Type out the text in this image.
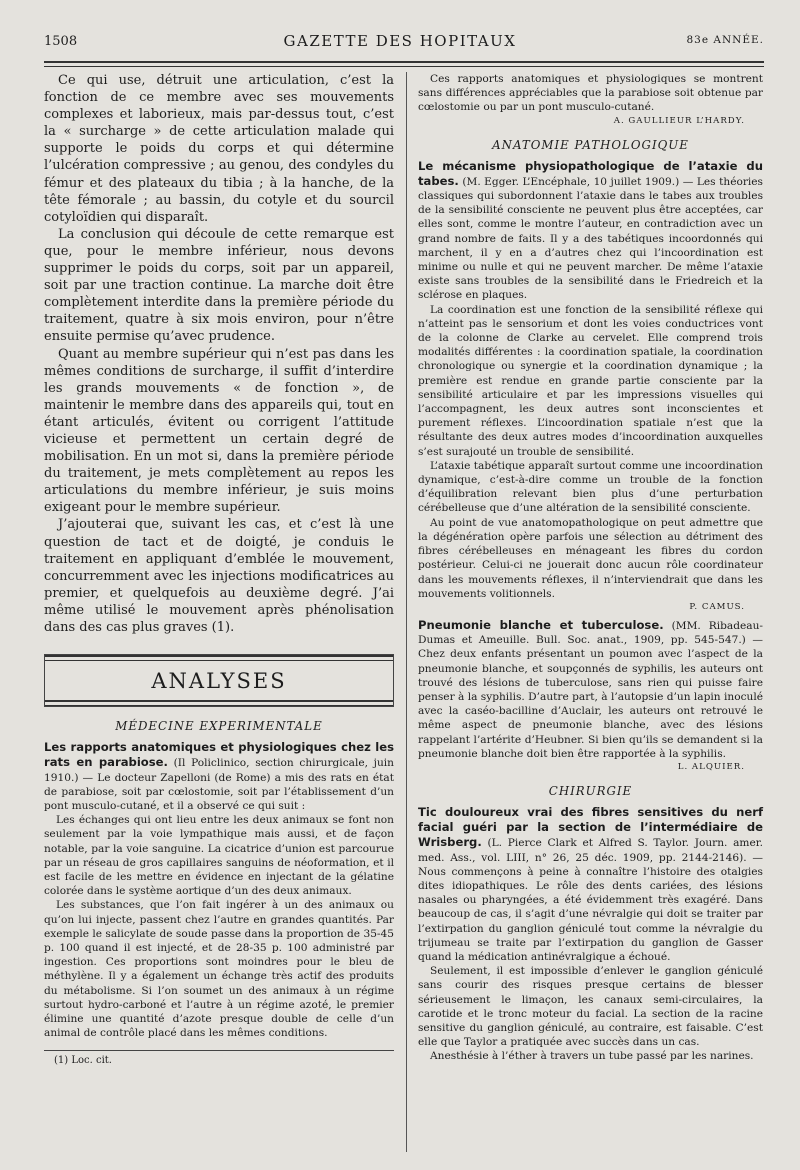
1508	GAZETTE DES HOPITAUX	83e ANNÉE.

Ce qui use, détruit une articulation, c’est la fonction de ce membre avec ses mouvements complexes et laborieux, mais par-dessus tout, c’est la « surcharge » de cette articulation malade qui supporte le poids du corps et qui détermine l’ulcération compressive ; au genou, des condyles du fémur et des plateaux du tibia ; à la hanche, de la tête fémorale ; au bassin, du cotyle et du sourcil cotyloïdien qui disparaît.

La conclusion qui découle de cette remarque est que, pour le membre inférieur, nous devons supprimer le poids du corps, soit par un appareil, soit par une traction continue. La marche doit être complètement interdite dans la première période du traitement, quatre à six mois environ, pour n’être ensuite permise qu’avec prudence.

Quant au membre supérieur qui n’est pas dans les mêmes conditions de surcharge, il suffit d’interdire les grands mouvements « de fonction », de maintenir le membre dans des appareils qui, tout en étant articulés, évitent ou corrigent l’attitude vicieuse et permettent un certain degré de mobilisation. En un mot si, dans la première période du traitement, je mets complètement au repos les articulations du membre inférieur, je suis moins exigeant pour le membre supérieur.

J’ajouterai que, suivant les cas, et c’est là une question de tact et de doigté, je conduis le traitement en appliquant d’emblée le mouvement, concurremment avec les injections modificatrices au premier, et quelquefois au deuxième degré. J’ai même utilisé le mouvement après phénolisation dans des cas plus graves (1).

ANALYSES
MÉDECINE EXPERIMENTALE

Les rapports anatomiques et physiologiques chez les rats en parabiose. (Il Policlinico, section chirurgicale, juin 1910.) — Le docteur Zapelloni (de Rome) a mis des rats en état de parabiose, soit par cœlostomie, soit par l’établissement d’un pont musculo-cutané, et il a observé ce qui suit :

Les échanges qui ont lieu entre les deux animaux se font non seulement par la voie lympathique mais aussi, et de façon notable, par la voie sanguine. La cicatrice d’union est parcourue par un réseau de gros capillaires sanguins de néoformation, et il est facile de les mettre en évidence en injectant de la gélatine colorée dans le système aortique d’un des deux animaux.

Les substances, que l’on fait ingérer à un des animaux ou qu’on lui injecte, passent chez l’autre en grandes quantités. Par exemple le salicylate de soude passe dans la proportion de 35-45 p. 100 quand il est injecté, et de 28-35 p. 100 administré par ingestion. Ces proportions sont moindres pour le bleu de méthylène. Il y a également un échange très actif des produits du métabolisme. Si l’on soumet un des animaux à un régime surtout hydro-carboné et l’autre à un régime azoté, le premier élimine une quantité d’azote presque double de celle d’un animal de contrôle placé dans les mêmes conditions.

(1) Loc. cit.

Ces rapports anatomiques et physiologiques se montrent sans différences appréciables que la parabiose soit obtenue par cœlostomie ou par un pont musculo-cutané.

A. GAULLIEUR L’HARDY.
ANATOMIE PATHOLOGIQUE

Le mécanisme physiopathologique de l’ataxie du tabes. (M. Egger. L’Encéphale, 10 juillet 1909.) — Les théories classiques qui subordonnent l’ataxie dans le tabes aux troubles de la sensibilité consciente ne peuvent plus être acceptées, car elles sont, comme le montre l’auteur, en contradiction avec un grand nombre de faits. Il y a des tabétiques incoordonnés qui marchent, il y en a d’autres chez qui l’incoordination est minime ou nulle et qui ne peuvent marcher. De même l’ataxie existe sans troubles de la sensibilité dans le Friedreich et la sclérose en plaques.

La coordination est une fonction de la sensibilité réflexe qui n’atteint pas le sensorium et dont les voies conductrices vont de la colonne de Clarke au cervelet. Elle comprend trois modalités différentes : la coordination spatiale, la coordination chronologique ou synergie et la coordination dynamique ; la première est rendue en grande partie consciente par la sensibilité articulaire et par les impressions visuelles qui l’accompagnent, les deux autres sont inconscientes et purement réflexes. L’incoordination spatiale n’est que la résultante des deux autres modes d’incoordination auxquelles s’est surajouté un trouble de sensibilité.

L’ataxie tabétique apparaît surtout comme une incoordination dynamique, c’est-à-dire comme un trouble de la fonction d’équilibration relevant bien plus d’une perturbation cérébelleuse que d’une altération de la sensibilité consciente.

Au point de vue anatomopathologique on peut admettre que la dégénération opère parfois une sélection au détriment des fibres cérébelleuses en ménageant les fibres du cordon postérieur. Celui-ci ne jouerait donc aucun rôle coordinateur dans les mouvements réflexes, il n’interviendrait que dans les mouvements volitionnels.

P. CAMUS.

Pneumonie blanche et tuberculose. (MM. Ribadeau-Dumas et Ameuille. Bull. Soc. anat., 1909, pp. 545-547.) — Chez deux enfants présentant un poumon avec l’aspect de la pneumonie blanche, et soupçonnés de syphilis, les auteurs ont trouvé des lésions de tuberculose, sans rien qui puisse faire penser à la syphilis. D’autre part, à l’autopsie d’un lapin inoculé avec la caséo-bacilline d’Auclair, les auteurs ont retrouvé le même aspect de pneumonie blanche, avec des lésions rappelant l’artérite d’Heubner. Si bien qu’ils se demandent si la pneumonie blanche doit bien être rapportée à la syphilis.

L. ALQUIER.
CHIRURGIE

Tic douloureux vrai des fibres sensitives du nerf facial guéri par la section de l’intermédiaire de Wrisberg. (L. Pierce Clark et Alfred S. Taylor. Journ. amer. med. Ass., vol. LIII, n° 26, 25 déc. 1909, pp. 2144-2146). — Nous commençons à peine à connaître l’histoire des otalgies dites idiopathiques. Le rôle des dents cariées, des lésions nasales ou pharyngées, a été évidemment très exagéré. Dans beaucoup de cas, il s’agit d’une névralgie qui doit se traiter par l’extirpation du ganglion géniculé tout comme la névralgie du trijumeau se traite par l’extirpation du ganglion de Gasser quand la médication antinévralgique a échoué.

Seulement, il est impossible d’enlever le ganglion géniculé sans courir des risques presque certains de blesser sérieusement le limaçon, les canaux semi-circulaires, la carotide et le tronc moteur du facial. La section de la racine sensitive du ganglion géniculé, au contraire, est faisable. C’est elle que Taylor a pratiquée avec succès dans un cas.

Anesthésie à l’éther à travers un tube passé par les narines.
